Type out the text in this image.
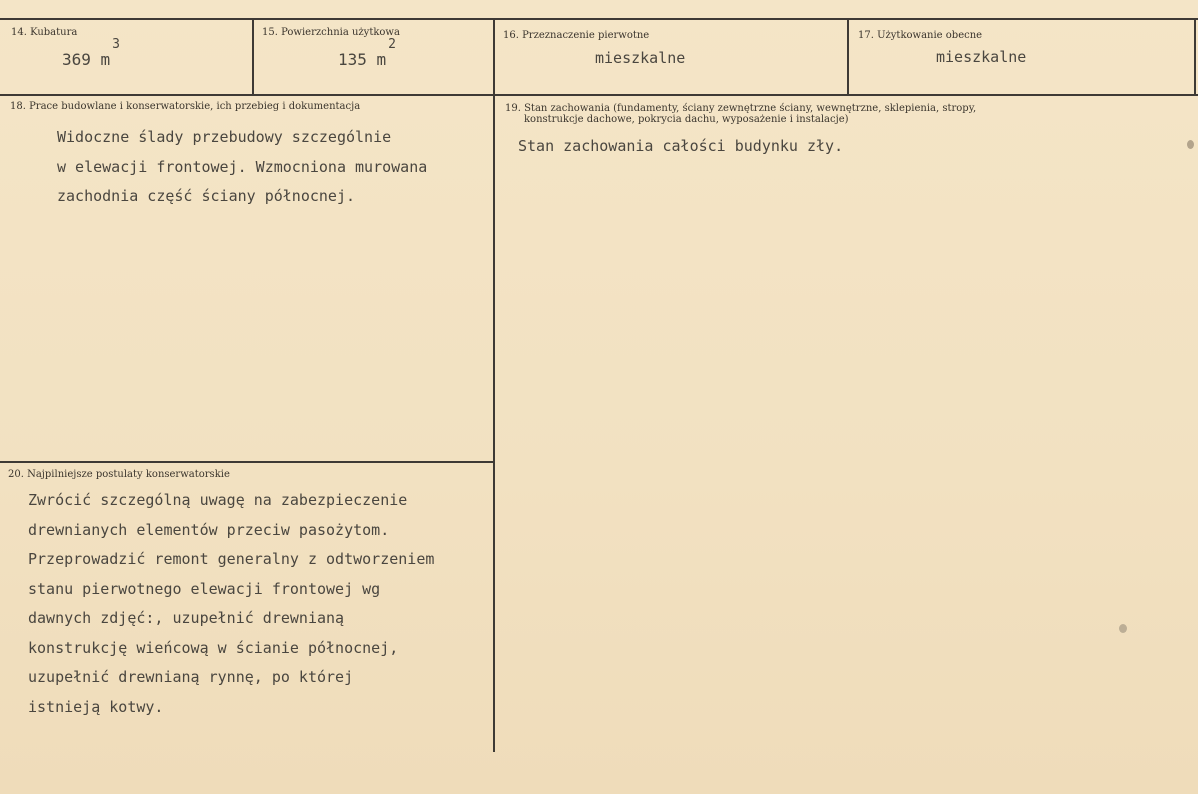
14. Kubatura
369 m
3
15. Powierzchnia użytkowa
135 m
2
16. Przeznaczenie pierwotne
mieszkalne
17. Użytkowanie obecne
mieszkalne
18. Prace budowlane i konserwatorskie, ich przebieg i dokumentacja
Widoczne ślady przebudowy szczególnie
w elewacji frontowej. Wzmocniona murowana
zachodnia część ściany północnej.
19. Stan zachowania (fundamenty, ściany zewnętrzne ściany, wewnętrzne, sklepienia, stropy,
konstrukcje dachowe, pokrycia dachu, wyposażenie i instalacje)
Stan zachowania całości budynku zły.
20. Najpilniejsze postulaty konserwatorskie
Zwrócić szczególną uwagę na zabezpieczenie
drewnianych elementów przeciw pasożytom.
Przeprowadzić remont generalny z odtworzeniem
stanu pierwotnego elewacji frontowej wg
dawnych zdjęć:, uzupełnić drewnianą
konstrukcję wieńcową w ścianie północnej,
uzupełnić drewnianą rynnę, po której
istnieją kotwy.
